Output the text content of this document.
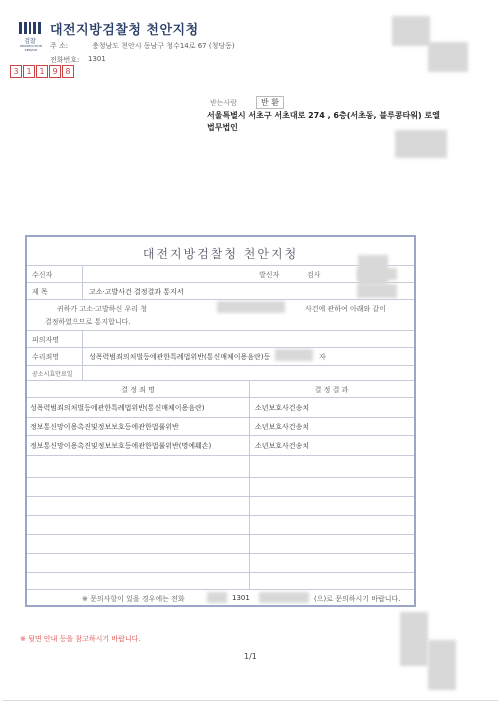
검찰
PROSECUTION SERVICE
대전지방검찰청 천안지청
주 소:	충청남도 천안시 동남구 청수14로 67 (청당동)
전화번호: 1301
3 1 1 9 8
받는사람	반 환
서울특별시 서초구 서초대로 274 , 6층(서초동, 블루콩타워) 로엘
법무법인
대전지방검찰청 천안지청
수신자	발신자	검사
제 목	고소·고발사건 결정결과 통지서
귀하가 고소·고발하신 우리 청	사건에 관하여 아래와 같이
결정하였으므로 통지합니다.
피의자명
수리죄명	성폭력범죄의처벌등에관한특례법위반(통신매체이용음란)등	자
공소시효만료일
결 정 죄 명	결 정 결 과
성폭력범죄의처벌등에관한특례법위반(통신매체이용음란)	소년보호사건송치
정보통신망이용촉진및정보보호등에관한법률위반	소년보호사건송치
정보통신망이용촉진및정보보호등에관한법률위반(명예훼손)	소년보호사건송치
※ 문의사항이 있을 경우에는 전화	1301	(으)로 문의하시기 바랍니다.
※ 뒷면 안내 등을 참고하시기 바랍니다.
1/1
